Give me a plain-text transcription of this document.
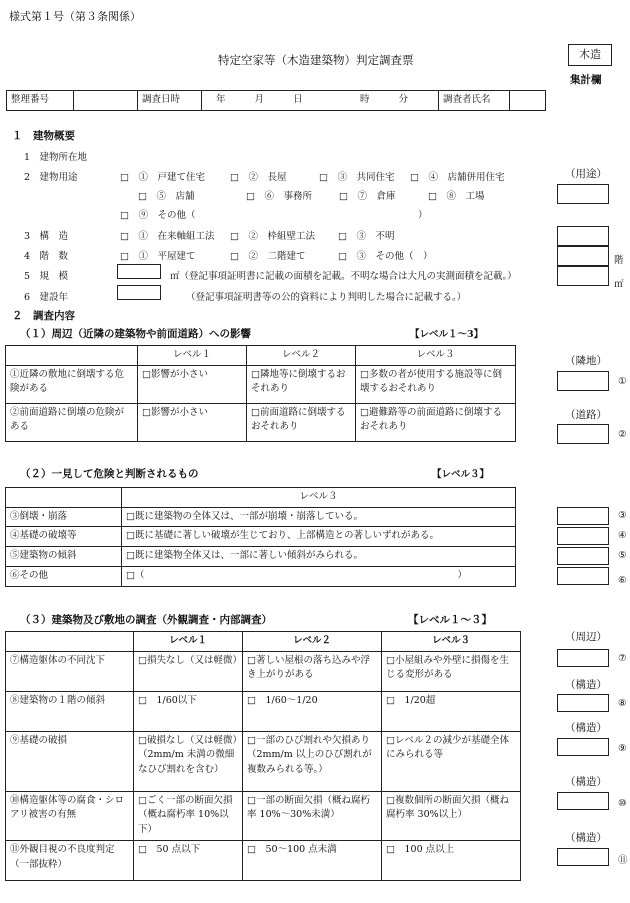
様式第１号（第３条関係）
特定空家等（木造建築物）判定調査票	木造
集計欄
整理番号		調査日時	年	月	日	時	分	調査者氏名	
１　建物概要
1　建物所在地
2　建物用途	□　①　戸建て住宅	□　②　長屋	□　③　共同住宅 □　④　店舗併用住宅
□　⑤　店舗	□　⑥　事務所	□　⑦　倉庫	□　⑧　工場
□　⑨　その他（	）
（用途）
3　構　造	□　①　在来軸組工法 □　②　枠組壁工法 □　③　不明
4　階　数	□　①　平屋建て	□　②　二階建て	□　③　その他（　）	階
5　規　模	㎡（登記事項証明書に記載の面積を記載。不明な場合は大凡の実測面積を記載。）
㎡
6　建設年	（登記事項証明書等の公的資料により判明した場合に記載する。）
２　調査内容
（１）周辺（近隣の建築物や前面道路）への影響	【レベル１～3】
	レベル１	レベル２	レベル３
①近隣の敷地に倒壊する危険がある	□影響が小さい	□隣地等に倒壊するおそれあり	□多数の者が使用する施設等に倒壊するおそれあり
②前面道路に倒壊の危険がある	□影響が小さい	□前面道路に倒壊するおそれあり	□避難路等の前面道路に倒壊するおそれあり
（隣地）
①
（道路）
②
（２）一見して危険と判断されるもの	【レベル３】
	レベル３
③倒壊・崩落	□既に建築物の全体又は、一部が崩壊・崩落している。
④基礎の破壊等	□既に基礎に著しい破壊が生じており、上部構造との著しいずれがある。
⑤建築物の傾斜	□既に建築物全体又は、一部に著しい傾斜がみられる。
⑥その他	□（ ）
③
④
⑤
⑥
（３）建築物及び敷地の調査（外観調査・内部調査）	【レベル１～３】
	レベル１	レベル２	レベル３
⑦構造躯体の不同沈下	□損失なし（又は軽微）	□著しい屋根の落ち込みや浮き上がりがある	□小屋組みや外壁に損傷を生じる変形がある
⑧建築物の１階の傾斜	□　1/60以下	□　1/60～1/20	□　1/20超
⑨基礎の破損	□破損なし（又は軽微）（2mm/m 未満の微細なひび割れを含む）	□一部のひび割れや欠損あり（2mm/m 以上のひび割れが複数みられる等。）	□レベル２の減少が基礎全体にみられる等
⑩構造躯体等の腐食・シロアリ被害の有無	□ごく一部の断面欠損（概ね腐朽率 10%以下）	□一部の断面欠損（概ね腐朽率 10%～30%未満）	□複数個所の断面欠損（概ね腐朽率 30%以上）
⑪外観目視の不良度判定（一部抜粋）	□　50 点以下	□　50～100 点未満	□　100 点以上
（周辺）
⑦
（構造）
⑧
（構造）
⑨
（構造）
⑩
（構造）
⑪
